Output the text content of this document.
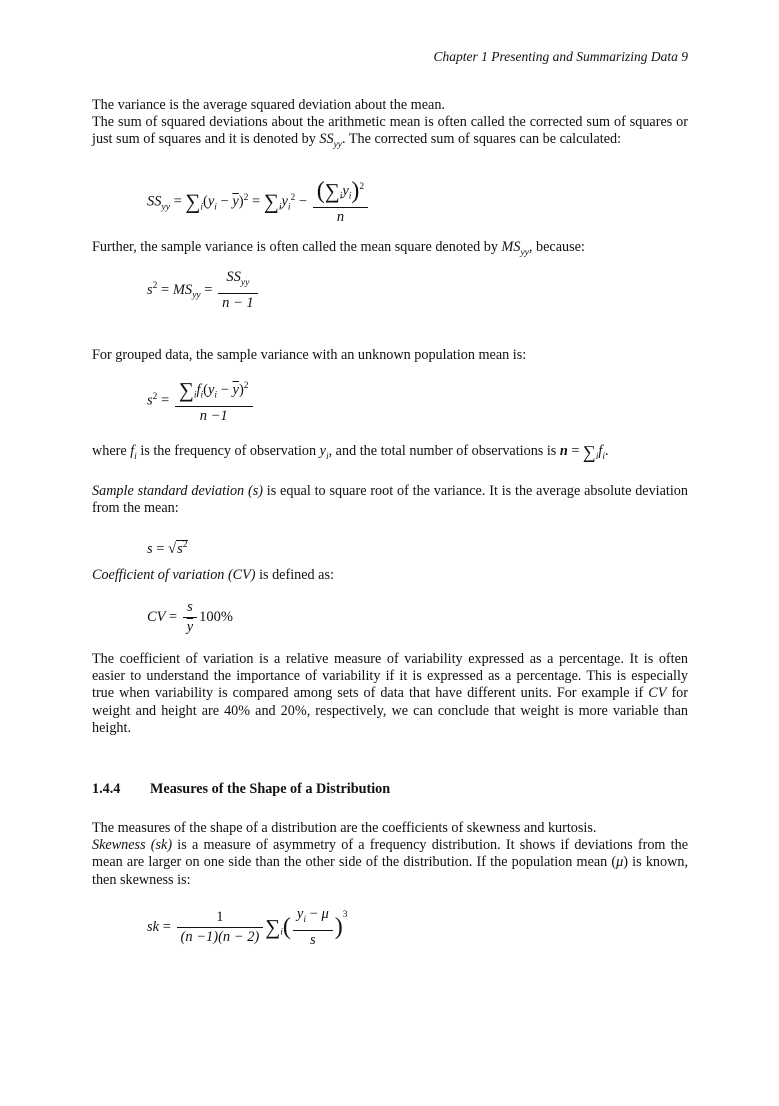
Chapter 1 Presenting and Summarizing Data 9
The variance is the average squared deviation about the mean.
The sum of squared deviations about the arithmetic mean is often called the corrected sum of squares or just sum of squares and it is denoted by $SS_{yy}$. The corrected sum of squares can be calculated:
$SS_{yy} = \sum_i(y_i - \overline{y})^2 = \sum_iy_i^2 - \frac{(\sum_iy_i)^2}{n}$
Further, the sample variance is often called the mean square denoted by $MS_{yy}$, because:
$s^2 = MS_{yy} = \frac{SS_{yy}}{n - 1}$
For grouped data, the sample variance with an unknown population mean is:
$s^2 = \frac{\sum_if_i(y_i - \overline{y})^2}{n -1}$
where $f_i$ is the frequency of observation $y_i$, and the total number of observations is $n = \sum_if_i$.
Sample standard deviation (s) is equal to square root of the variance. It is the average absolute deviation from the mean:
$s = √s^2$
Coefficient of variation (CV) is defined as:
CV = $\frac{s}{y} 100\%$
The coefficient of variation is a relative measure of variability expressed as a percentage. It is often easier to understand the importance of variability if it is expressed as a percentage. This is especially true when variability is compared among sets of data that have different units. For example if CV for weight and height are 40% and 20%, respectively, we can conclude that weight is more variable than height.
1.4.4 Measures of the Shape of a Distribution
The measures of the shape of a distribution are the coefficients of skewness and kurtosis.
Skewness (sk) is a measure of asymmetry of a frequency distribution. It shows if deviations from the mean are larger on one side than the other side of the distribution. If the population mean (μ) is known, then skewness is:
sk = $\frac{1}{(n -1)(n - 2)} \sum_i( \frac{y_i - \mu}{s} )^3$
